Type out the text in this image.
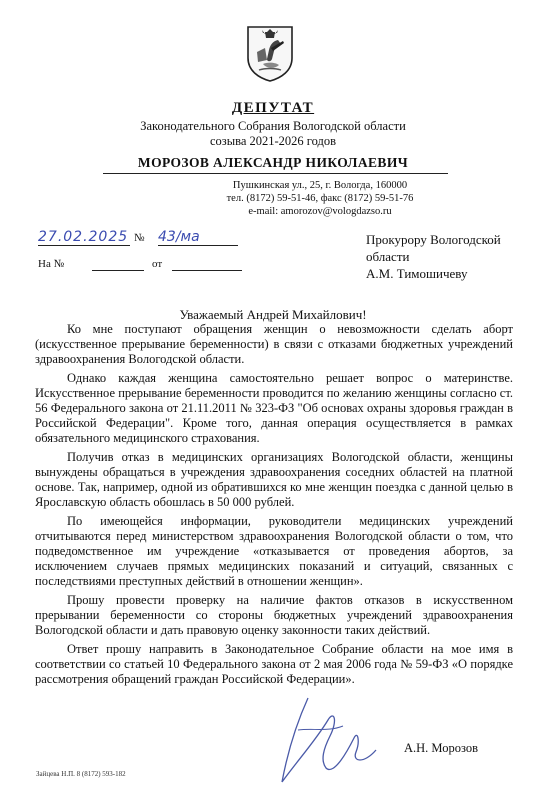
ДЕПУТАТ
Законодательного Собрания Вологодской области
созыва 2021-2026 годов
МОРОЗОВ АЛЕКСАНДР НИКОЛАЕВИЧ
Пушкинская ул., 25, г. Вологда, 160000
тел. (8172) 59-51-46, факс (8172) 59-51-76
e-mail: amorozov@vologdazso.ru
27.02.2025 № 43/ма
На №	от
Прокурору Вологодской
области
А.М. Тимошичеву
Уважаемый Андрей Михайлович!

Ко мне поступают обращения женщин о невозможности сделать аборт (искусственное прерывание беременности) в связи с отказами бюджетных учреждений здравоохранения Вологодской области.

Однако каждая женщина самостоятельно решает вопрос о материнстве. Искусственное прерывание беременности проводится по желанию женщины согласно ст. 56 Федерального закона от 21.11.2011 № 323-ФЗ "Об основах охраны здоровья граждан в Российской Федерации". Кроме того, данная операция осуществляется в рамках обязательного медицинского страхования.

Получив отказ в медицинских организациях Вологодской области, женщины вынуждены обращаться в учреждения здравоохранения соседних областей на платной основе. Так, например, одной из обратившихся ко мне женщин поездка с данной целью в Ярославскую область обошлась в 50 000 рублей.

По имеющейся информации, руководители медицинских учреждений отчитываются перед министерством здравоохранения Вологодской области о том, что подведомственное им учреждение «отказывается от проведения абортов, за исключением случаев прямых медицинских показаний и ситуаций, связанных с последствиями преступных действий в отношении женщин».

Прошу провести проверку на наличие фактов отказов в искусственном прерывании беременности со стороны бюджетных учреждений здравоохранения Вологодской области и дать правовую оценку законности таких действий.

Ответ прошу направить в Законодательное Собрание области на мое имя в соответствии со статьей 10 Федерального закона от 2 мая 2006 года № 59-ФЗ «О порядке рассмотрения обращений граждан Российской Федерации».

А.Н. Морозов
Зайцева Н.П. 8 (8172) 593-182
